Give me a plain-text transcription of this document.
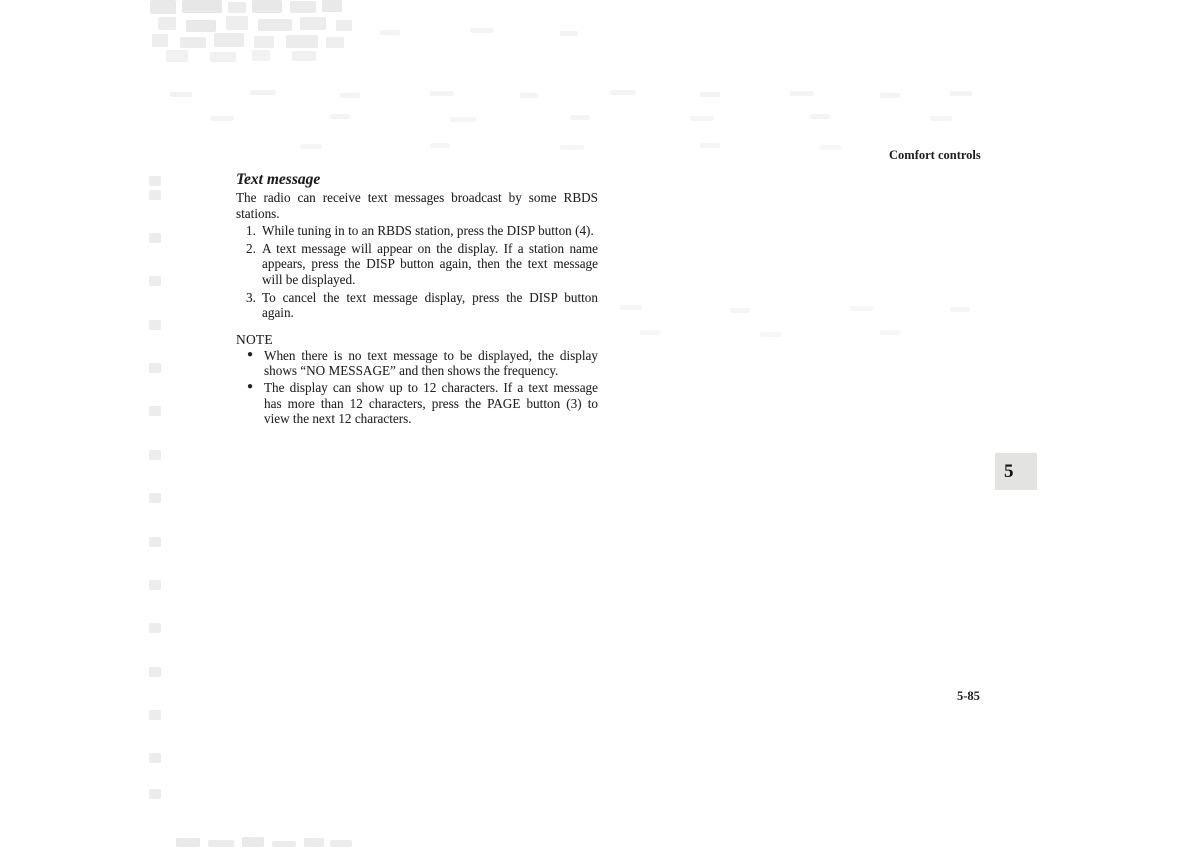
Comfort controls
Text message

The radio can receive text messages broadcast by some RBDS stations.

1. While tuning in to an RBDS station, press the DISP button (4).
2. A text message will appear on the display. If a station name appears, press the DISP button again, then the text message will be displayed.
3. To cancel the text message display, press the DISP button again.
NOTE
● When there is no text message to be displayed, the display shows “NO MESSAGE” and then shows the frequency.
● The display can show up to 12 characters. If a text message has more than 12 characters, press the PAGE button (3) to view the next 12 characters.
5
5-85
